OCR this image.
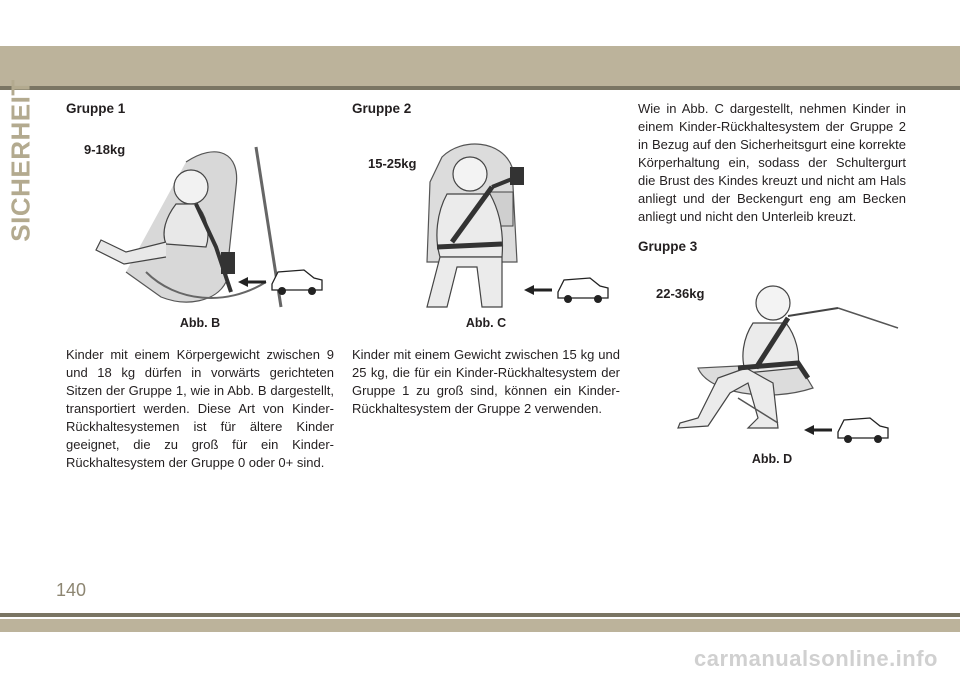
SICHERHEIT Gruppe 1
9-18kg
Abb. B

Kinder mit einem Körpergewicht zwischen 9 und 18 kg dürfen in vorwärts gerichteten Sitzen der Gruppe 1, wie in Abb. B dargestellt, transportiert werden. Diese Art von Kinder-Rückhaltesystemen ist für ältere Kinder geeignet, die zu groß für ein Kinder-Rückhaltesystem der Gruppe 0 oder 0+ sind.

Gruppe 2
15-25kg
Abb. C

Kinder mit einem Gewicht zwischen 15 kg und 25 kg, die für ein Kinder-Rückhaltesystem der Gruppe 1 zu groß sind, können ein Kinder-Rückhaltesystem der Gruppe 2 verwenden.

Wie in Abb. C dargestellt, nehmen Kinder in einem Kinder-Rückhaltesystem der Gruppe 2 in Bezug auf den Sicherheitsgurt eine korrekte Körperhaltung ein, sodass der Schultergurt die Brust des Kindes kreuzt und nicht am Hals anliegt und der Beckengurt eng am Becken anliegt und nicht den Unterleib kreuzt.

Gruppe 3
22-36kg
Abb. D
140
carmanualsonline.info
